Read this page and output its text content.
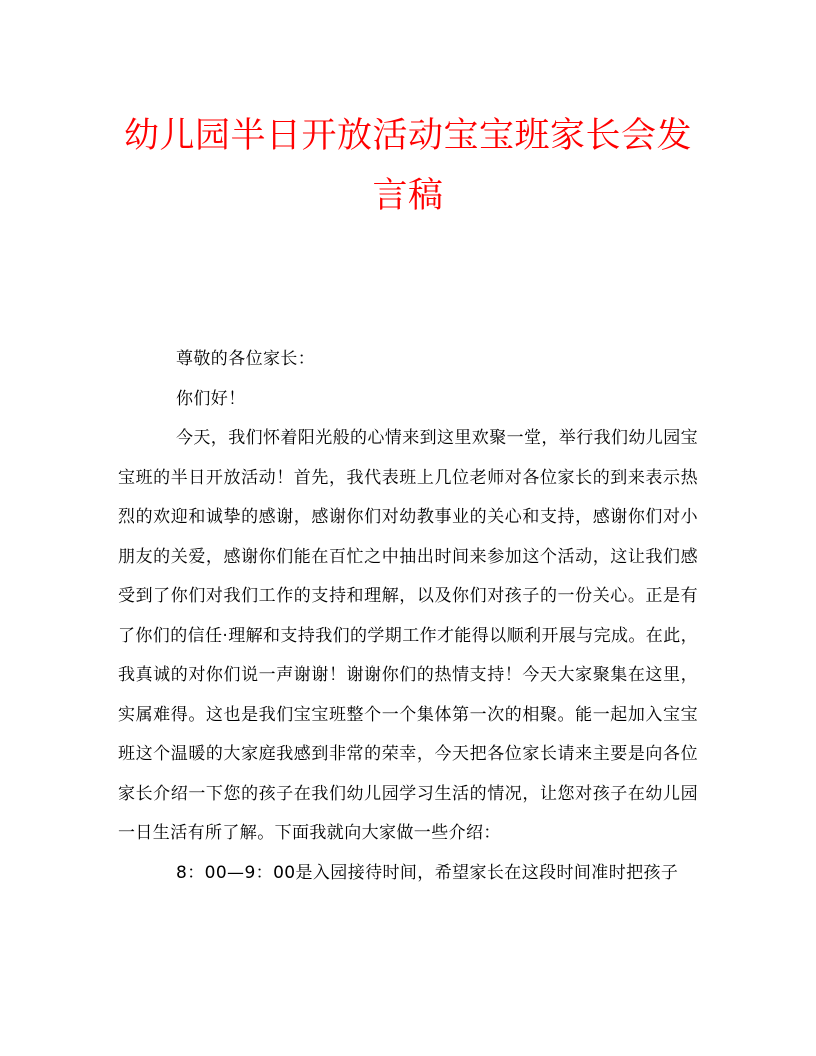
幼儿园半日开放活动宝宝班家长会发言稿

尊敬的各位家长：

你们好！

今天，我们怀着阳光般的心情来到这里欢聚一堂，举行我们幼儿园宝宝班的半日开放活动！首先，我代表班上几位老师对各位家长的到来表示热烈的欢迎和诚挚的感谢，感谢你们对幼教事业的关心和支持，感谢你们对小朋友的关爱，感谢你们能在百忙之中抽出时间来参加这个活动，这让我们感受到了你们对我们工作的支持和理解，以及你们对孩子的一份关心。正是有了你们的信任·理解和支持我们的学期工作才能得以顺利开展与完成。在此，我真诚的对你们说一声谢谢！谢谢你们的热情支持！今天大家聚集在这里，实属难得。这也是我们宝宝班整个一个集体第一次的相聚。能一起加入宝宝班这个温暖的大家庭我感到非常的荣幸，今天把各位家长请来主要是向各位家长介绍一下您的孩子在我们幼儿园学习生活的情况，让您对孩子在幼儿园一日生活有所了解。下面我就向大家做一些介绍：

8：00—9：00是入园接待时间，希望家长在这段时间准时把孩子
